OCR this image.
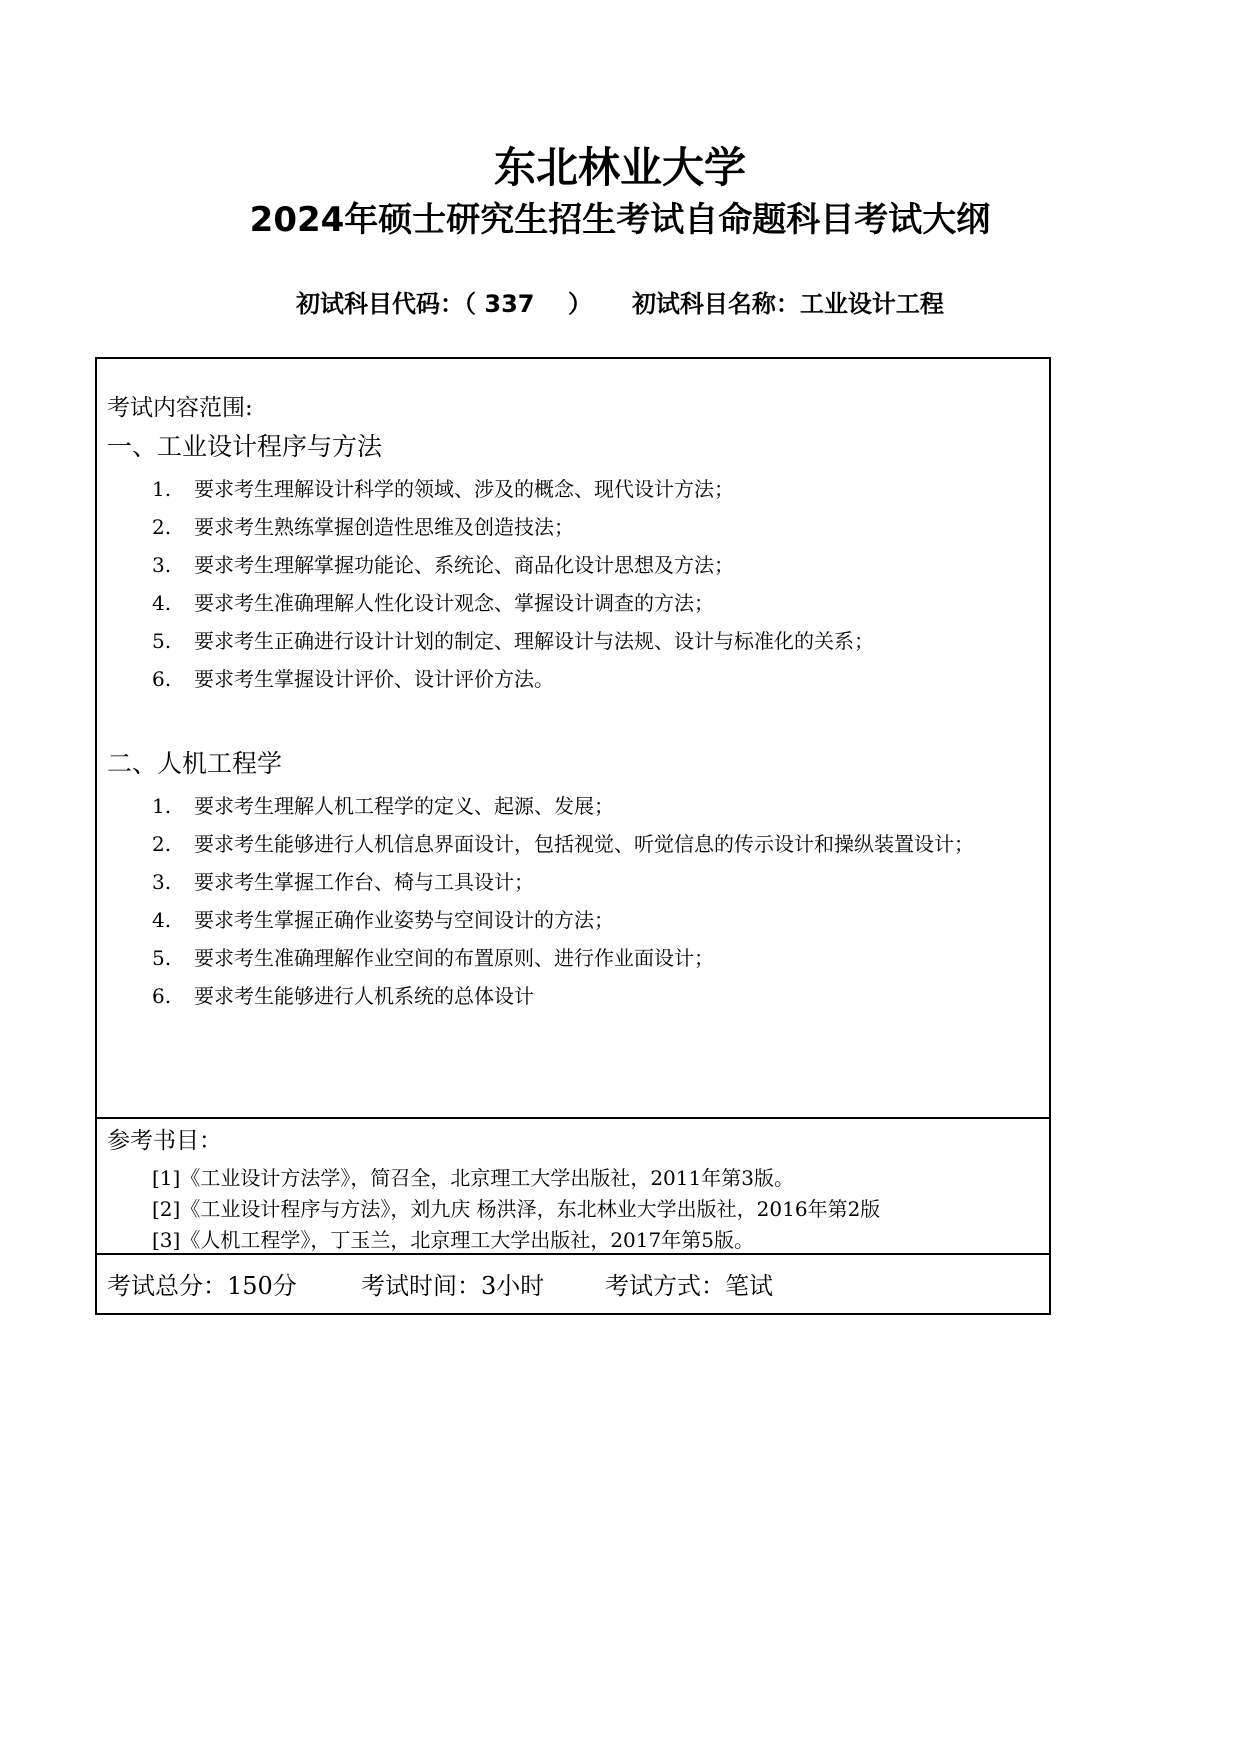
东北林业大学
2024年硕士研究生招生考试自命题科目考试大纲
初试科目代码：（ 337 ） 初试科目名称：工业设计工程
考试内容范围:
一、工业设计程序与方法
1. 要求考生理解设计科学的领域、涉及的概念、现代设计方法；
2. 要求考生熟练掌握创造性思维及创造技法；
3. 要求考生理解掌握功能论、系统论、商品化设计思想及方法；
4. 要求考生准确理解人性化设计观念、掌握设计调查的方法；
5. 要求考生正确进行设计计划的制定、理解设计与法规、设计与标准化的关系；
6. 要求考生掌握设计评价、设计评价方法。
二、人机工程学
1. 要求考生理解人机工程学的定义、起源、发展；
2. 要求考生能够进行人机信息界面设计，包括视觉、听觉信息的传示设计和操纵装置设计；
3. 要求考生掌握工作台、椅与工具设计；
4. 要求考生掌握正确作业姿势与空间设计的方法；
5. 要求考生准确理解作业空间的布置原则、进行作业面设计；
6. 要求考生能够进行人机系统的总体设计
参考书目：
[1]《工业设计方法学》，简召全，北京理工大学出版社，2011年第3版。
[2]《工业设计程序与方法》，刘九庆 杨洪泽，东北林业大学出版社，2016年第2版
[3]《人机工程学》，丁玉兰，北京理工大学出版社，2017年第5版。
考试总分：150分	考试时间：3小时	考试方式：笔试
